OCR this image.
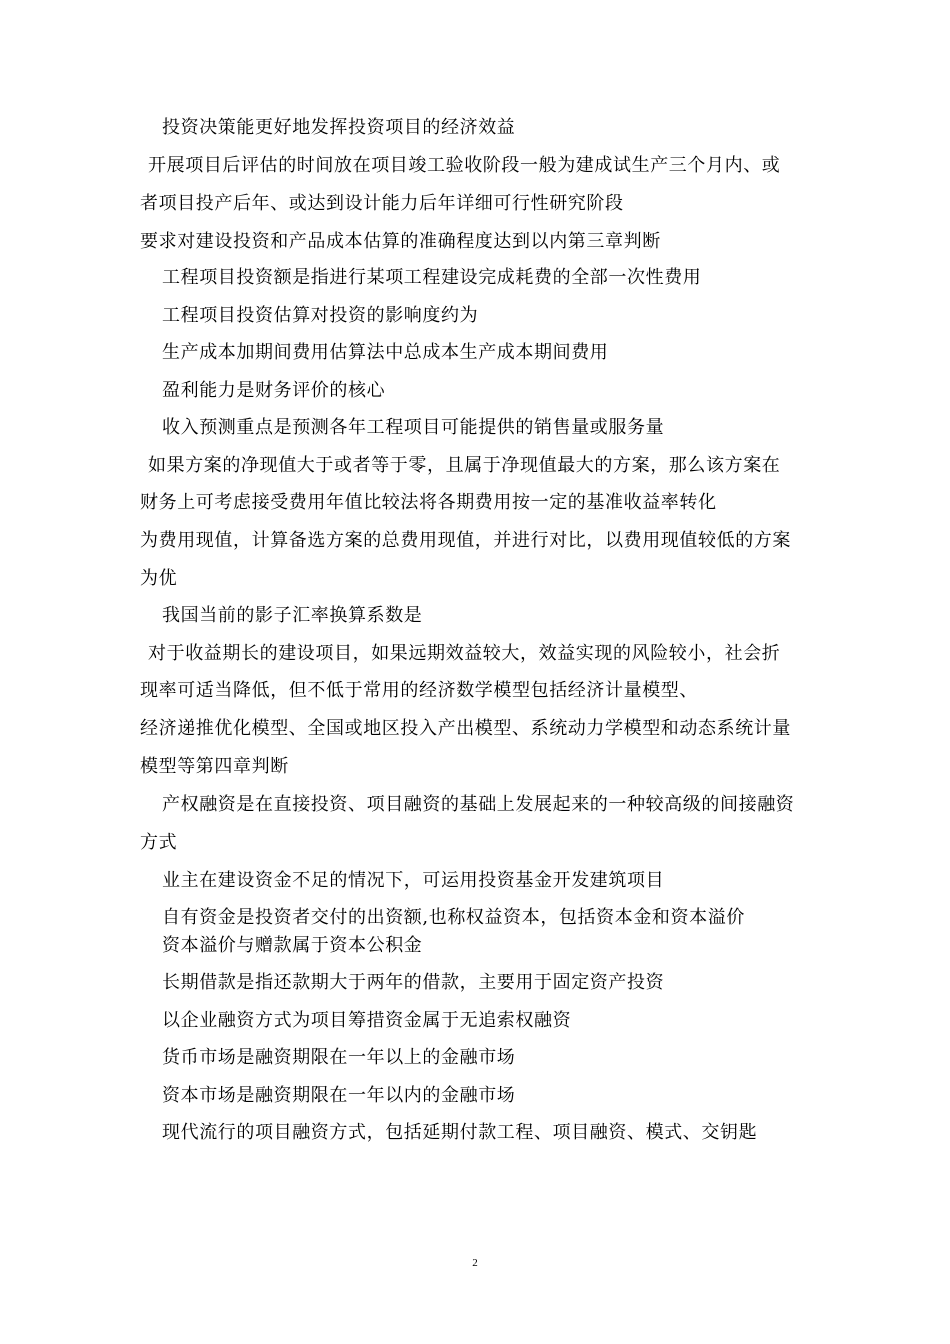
投资决策能更好地发挥投资项目的经济效益
开展项目后评估的时间放在项目竣工验收阶段一般为建成试生产三个月内、或
者项目投产后年、或达到设计能力后年详细可行性研究阶段
要求对建设投资和产品成本估算的准确程度达到以内第三章判断
工程项目投资额是指进行某项工程建设完成耗费的全部一次性费用
工程项目投资估算对投资的影响度约为
生产成本加期间费用估算法中总成本生产成本期间费用
盈利能力是财务评价的核心
收入预测重点是预测各年工程项目可能提供的销售量或服务量
如果方案的净现值大于或者等于零，且属于净现值最大的方案，那么该方案在
财务上可考虑接受费用年值比较法将各期费用按一定的基准收益率转化
为费用现值，计算备选方案的总费用现值，并进行对比，以费用现值较低的方案
为优
我国当前的影子汇率换算系数是
对于收益期长的建设项目，如果远期效益较大，效益实现的风险较小，社会折
现率可适当降低，但不低于常用的经济数学模型包括经济计量模型、
经济递推优化模型、全国或地区投入产出模型、系统动力学模型和动态系统计量
模型等第四章判断
产权融资是在直接投资、项目融资的基础上发展起来的一种较高级的间接融资
方式
业主在建设资金不足的情况下，可运用投资基金开发建筑项目
自有资金是投资者交付的出资额,也称权益资本，包括资本金和资本溢价
资本溢价与赠款属于资本公积金
长期借款是指还款期大于两年的借款，主要用于固定资产投资
以企业融资方式为项目筹措资金属于无追索权融资
货币市场是融资期限在一年以上的金融市场
资本市场是融资期限在一年以内的金融市场
现代流行的项目融资方式，包括延期付款工程、项目融资、模式、交钥匙
2
